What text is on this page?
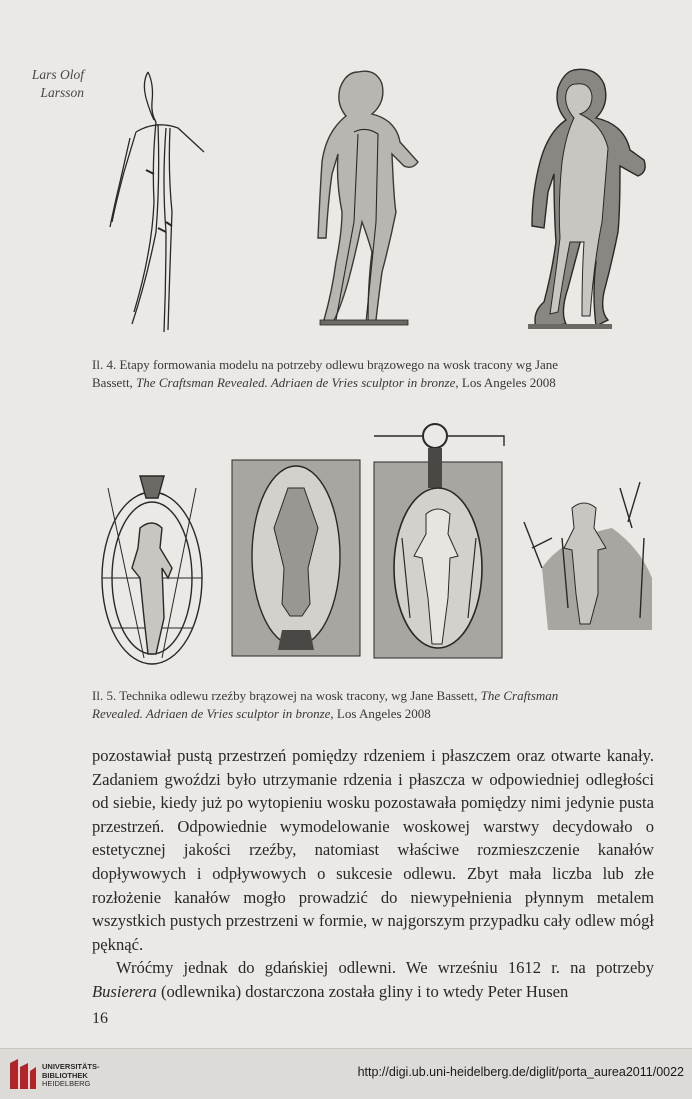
Lars Olof
Larsson
Il. 4. Etapy formowania modelu na potrzeby odlewu brązowego na wosk tracony wg Jane
Bassett, The Craftsman Revealed. Adriaen de Vries sculptor in bronze, Los Angeles 2008
Il. 5. Technika odlewu rzeźby brązowej na wosk tracony, wg Jane Bassett, The Craftsman
Revealed. Adriaen de Vries sculptor in bronze, Los Angeles 2008

pozostawiał pustą przestrzeń pomiędzy rdzeniem i płaszczem oraz otwarte kanały. Zadaniem gwoździ było utrzymanie rdzenia i płaszcza w odpowiedniej odległości od siebie, kiedy już po wytopieniu wosku pozostawała pomiędzy nimi jedynie pusta przestrzeń. Odpowiednie wymodelowanie woskowej warstwy decydowało o estetycznej jakości rzeźby, natomiast właściwe rozmieszczenie kanałów dopływowych i odpływowych o sukcesie odlewu. Zbyt mała liczba lub złe rozłożenie kanałów mogło prowadzić do niewypełnienia płynnym metalem wszystkich pustych przestrzeni w formie, w najgorszym przypadku cały odlew mógł pęknąć.

Wróćmy jednak do gdańskiej odlewni. We wrześniu 1612 r. na potrzeby Busierera (odlewnika) dostarczona została gliny i to wtedy Peter Husen

16
UNIVERSITÄTS-
BIBLIOTHEK
HEIDELBERG
http://digi.ub.uni-heidelberg.de/diglit/porta_aurea2011/0022
